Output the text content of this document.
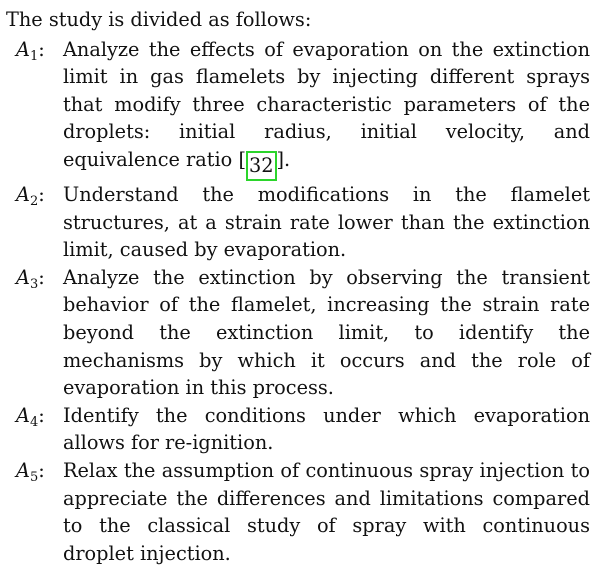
The study is divided as follows:
$A_1$: Analyze the effects of evaporation on the extinction limit in gas flamelets by injecting different sprays that modify three characteristic parameters of the droplets: initial radius, initial velocity, and equivalence ratio [ 32 ].
$A_2$: Understand the modifications in the flamelet structures, at a strain rate lower than the extinction limit, caused by evaporation.
$A_3$: Analyze the extinction by observing the transient behavior of the flamelet, increasing the strain rate beyond the extinction limit, to identify the mechanisms by which it occurs and the role of evaporation in this process.
$A_4$: Identify the conditions under which evaporation allows for re-ignition.
$A_5$: Relax the assumption of continuous spray injection to appreciate the differences and limitations compared to the classical study of spray with continuous droplet injection.
